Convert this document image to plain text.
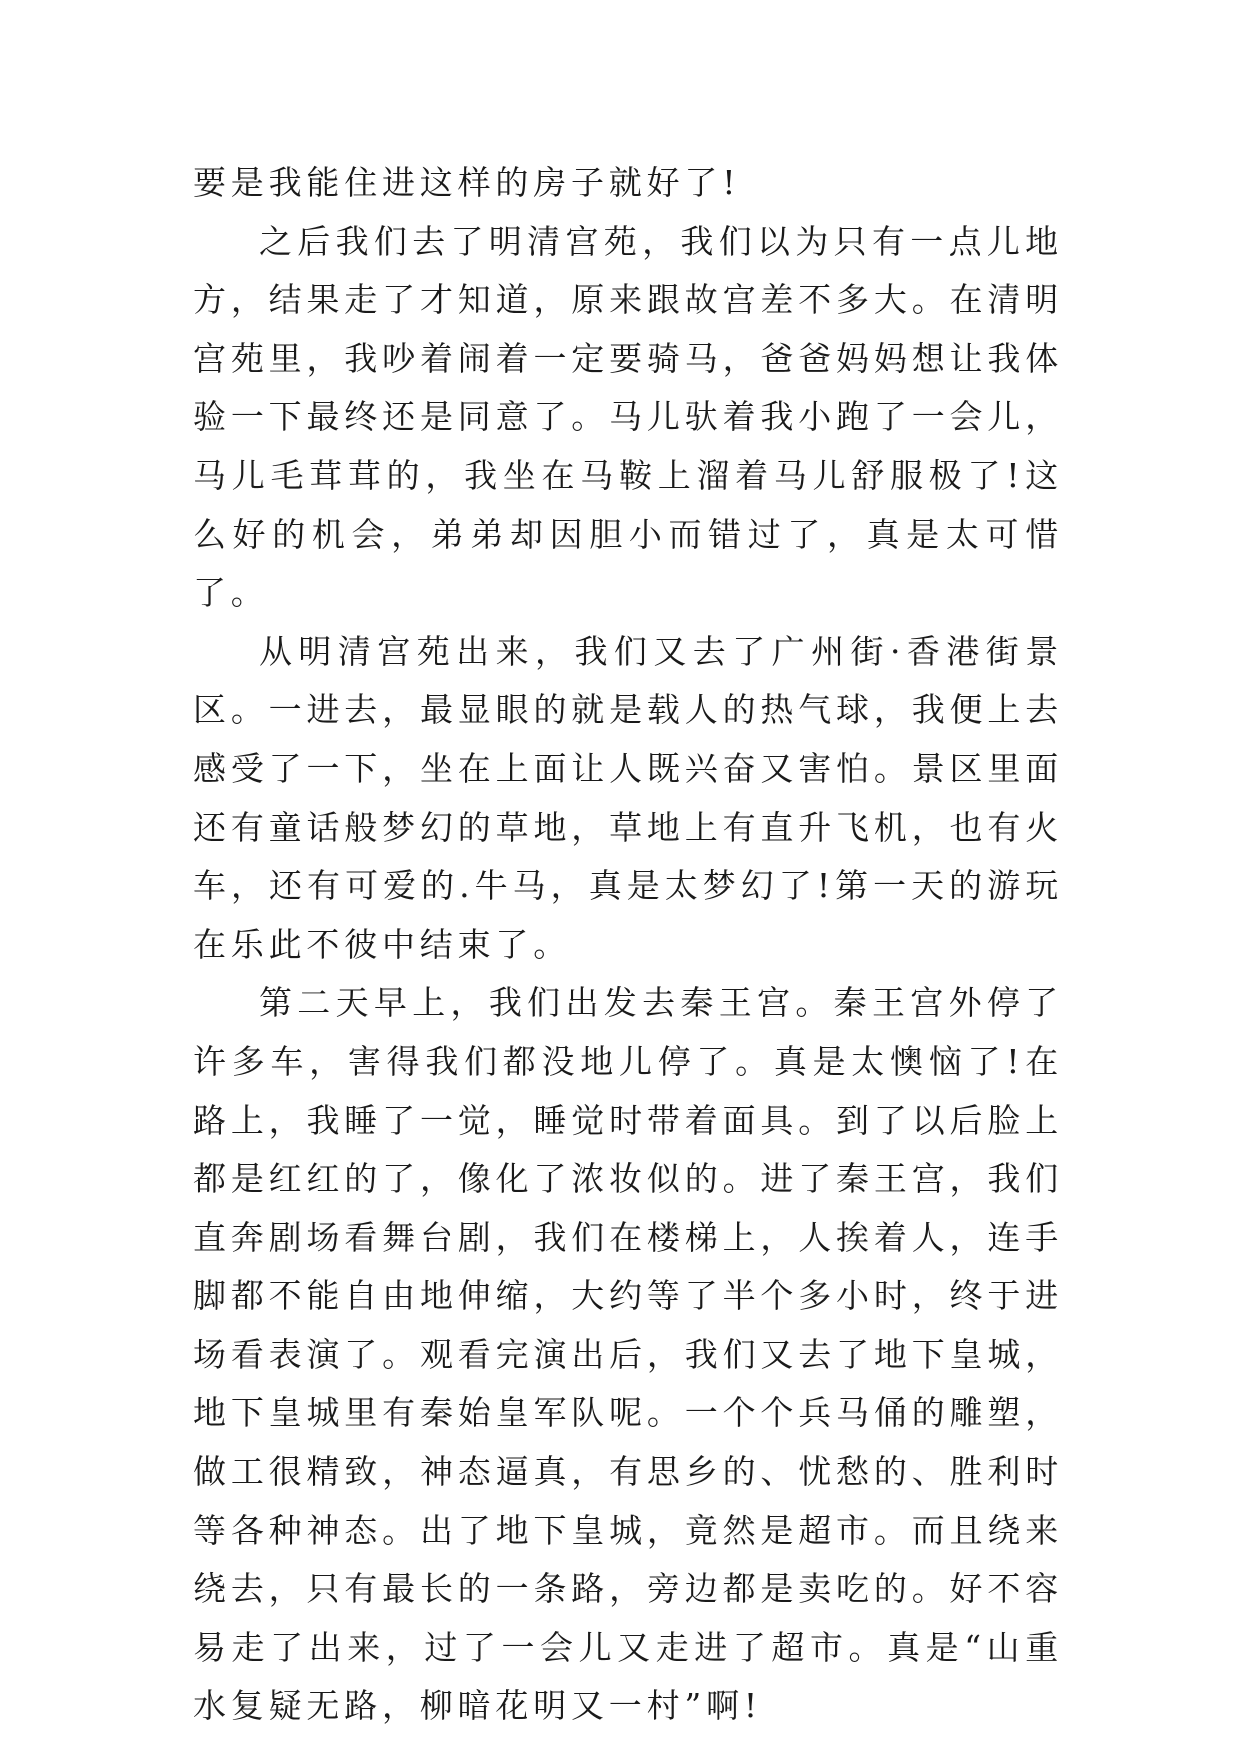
要是我能住进这样的房子就好了!

之后我们去了明清宫苑，我们以为只有一点儿地方，结果走了才知道，原来跟故宫差不多大。在清明宫苑里，我吵着闹着一定要骑马，爸爸妈妈想让我体验一下最终还是同意了。马儿驮着我小跑了一会儿，马儿毛茸茸的，我坐在马鞍上溜着马儿舒服极了!这么好的机会，弟弟却因胆小而错过了，真是太可惜了。

从明清宫苑出来，我们又去了广州街·香港街景区。一进去，最显眼的就是载人的热气球，我便上去感受了一下，坐在上面让人既兴奋又害怕。景区里面还有童话般梦幻的草地，草地上有直升飞机，也有火车，还有可爱的.牛马，真是太梦幻了!第一天的游玩在乐此不彼中结束了。

第二天早上，我们出发去秦王宫。秦王宫外停了许多车，害得我们都没地儿停了。真是太懊恼了!在路上，我睡了一觉，睡觉时带着面具。到了以后脸上都是红红的了，像化了浓妆似的。进了秦王宫，我们直奔剧场看舞台剧，我们在楼梯上，人挨着人，连手脚都不能自由地伸缩，大约等了半个多小时，终于进场看表演了。观看完演出后，我们又去了地下皇城，地下皇城里有秦始皇军队呢。一个个兵马俑的雕塑，做工很精致，神态逼真，有思乡的、忧愁的、胜利时等各种神态。出了地下皇城，竟然是超市。而且绕来绕去，只有最长的一条路，旁边都是卖吃的。好不容易走了出来，过了一会儿又走进了超市。真是“山重水复疑无路，柳暗花明又一村”啊!
